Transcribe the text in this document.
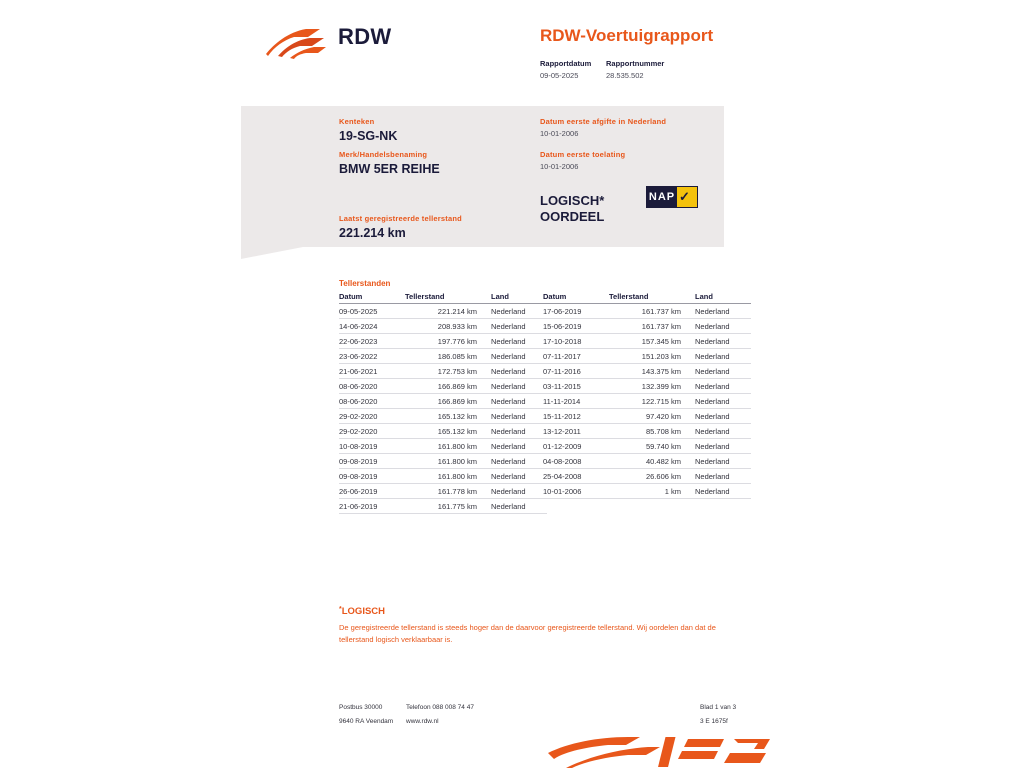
RDW	RDW-Voertuigrapport
Rapportdatum
09-05-2025
Rapportnummer
28.535.502
Kenteken
19-SG-NK
Merk/Handelsbenaming
BMW 5ER REIHE
Laatst geregistreerde tellerstand
221.214 km
Datum eerste afgifte in Nederland
10-01-2006
Datum eerste toelating
10-01-2006
LOGISCH*
OORDEEL
NAP ✓
Tellerstanden
Datum	Tellerstand	Land
09-05-2025	221.214 km	Nederland
14-06-2024	208.933 km	Nederland
22-06-2023	197.776 km	Nederland
23-06-2022	186.085 km	Nederland
21-06-2021	172.753 km	Nederland
08-06-2020	166.869 km	Nederland
08-06-2020	166.869 km	Nederland
29-02-2020	165.132 km	Nederland
29-02-2020	165.132 km	Nederland
10-08-2019	161.800 km	Nederland
09-08-2019	161.800 km	Nederland
09-08-2019	161.800 km	Nederland
26-06-2019	161.778 km	Nederland
21-06-2019	161.775 km	Nederland
Datum	Tellerstand	Land
17-06-2019	161.737 km	Nederland
15-06-2019	161.737 km	Nederland
17-10-2018	157.345 km	Nederland
07-11-2017	151.203 km	Nederland
07-11-2016	143.375 km	Nederland
03-11-2015	132.399 km	Nederland
11-11-2014	122.715 km	Nederland
15-11-2012	97.420 km	Nederland
13-12-2011	85.708 km	Nederland
01-12-2009	59.740 km	Nederland
04-08-2008	40.482 km	Nederland
25-04-2008	26.606 km	Nederland
10-01-2006	1 km	Nederland
*LOGISCH
De geregistreerde tellerstand is steeds hoger dan de daarvoor geregistreerde tellerstand. Wij oordelen dan dat de tellerstand logisch verklaarbaar is.
Postbus 30000
9640 RA Veendam
Telefoon 088 008 74 47
www.rdw.nl
Blad 1 van 3
3 E 1675f
